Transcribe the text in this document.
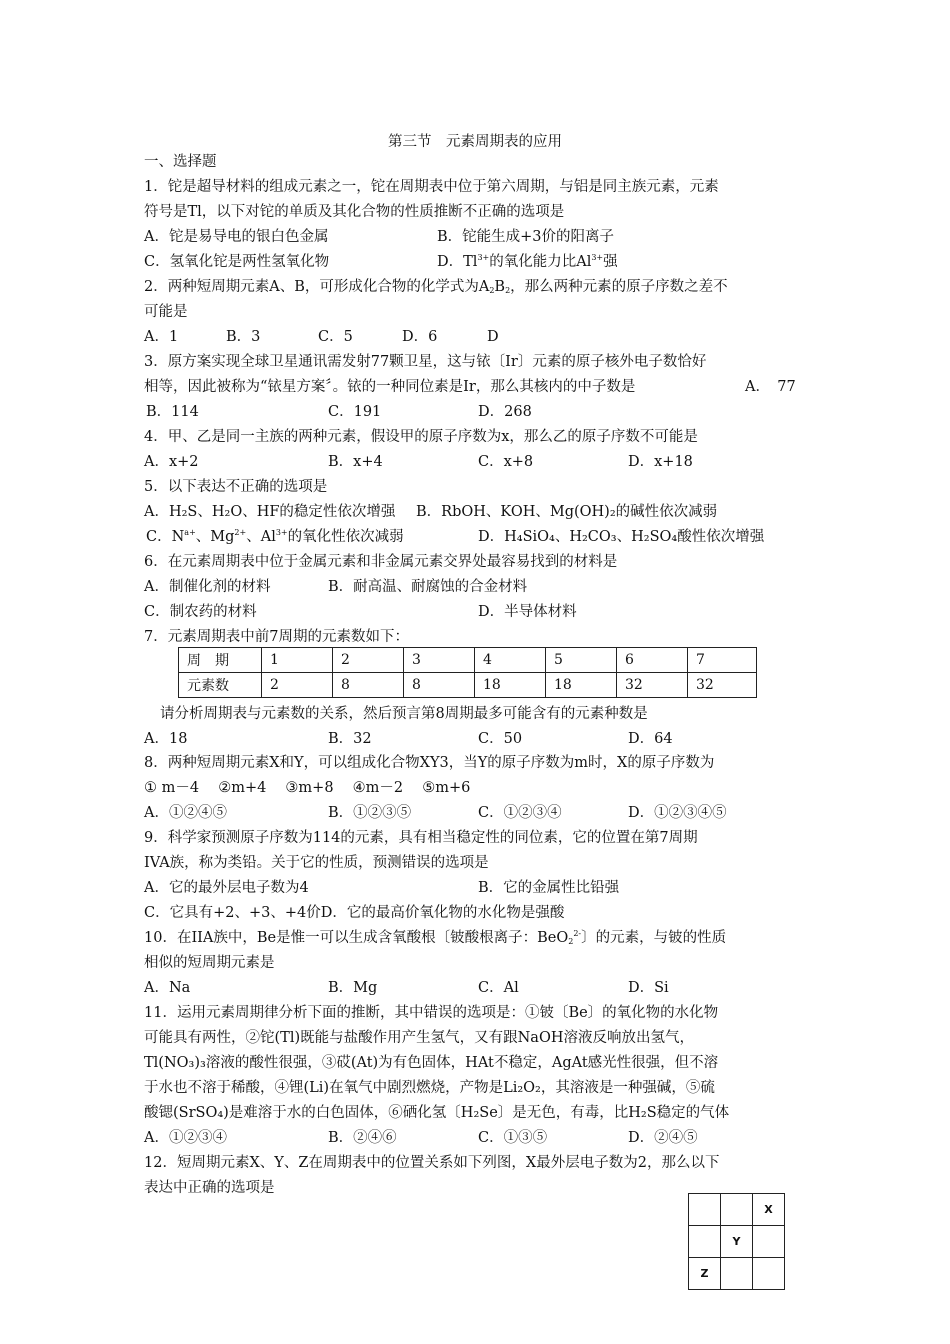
第三节　元素周期表的应用
一、选择题
1．铊是超导材料的组成元素之一，铊在周期表中位于第六周期，与铝是同主族元素，元素
符号是Tl，以下对铊的单质及其化合物的性质推断不正确的选项是
A．铊是易导电的银白色金属	B．铊能生成+3价的阳离子
C．氢氧化铊是两性氢氧化物	D．$Tl^{3+}$的氧化能力比$Al^{3+}$强
2．两种短周期元素A、B，可形成化合物的化学式为$A_2B_2$，那么两种元素的原子序数之差不
可能是
A．1	B．3	C．5	D．6	D
3．原方案实现全球卫星通讯需发射77颗卫星，这与铱〔Ir〕元素的原子核外电子数恰好
相等，因此被称为“铱星方案〞。铱的一种同位素是Ir，那么其核内的中子数是	A．　77
B．114	C．191	D．268
4．甲、乙是同一主族的两种元素，假设甲的原子序数为x，那么乙的原子序数不可能是
A．x+2	B．x+4	C．x+8	D．x+18
5．以下表达不正确的选项是
A．H₂S、H₂O、HF的稳定性依次增强 B．RbOH、KOH、Mg(OH)₂的碱性依次减弱
C．$N^{a+}$、$Mg^{2+}$、$Al^{3+}$的氧化性依次减弱	D．H₄SiO₄、H₂CO₃、H₂SO₄酸性依次增强
6．在元素周期表中位于金属元素和非金属元素交界处最容易找到的材料是
A．制催化剂的材料	B．耐高温、耐腐蚀的合金材料
C．制农药的材料	D．半导体材料
7．元素周期表中前7周期的元素数如下：
周　期	1	2	3	4	5	6	7
元素数	2	8	8	18	18	32	32
请分析周期表与元素数的关系，然后预言第8周期最多可能含有的元素种数是
A．18	B．32	C．50	D．64
8．两种短周期元素X和Y，可以组成化合物XY3，当Y的原子序数为m时，X的原子序数为
① m－4　 ②m+4　 ③m+8　 ④m－2　 ⑤m+6
A．①②④⑤	B．①②③⑤	C．①②③④	D．①②③④⑤
9．科学家预测原子序数为114的元素，具有相当稳定性的同位素，它的位置在第7周期
IVA族，称为类铅。关于它的性质，预测错误的选项是
A．它的最外层电子数为4	B．它的金属性比铅强
C．它具有+2、+3、+4价D．它的最高价氧化物的水化物是强酸
10．在IIA族中，Be是惟一可以生成含氧酸根〔铍酸根离子：BeO$_2^{2-}$〕的元素，与铍的性质
相似的短周期元素是
A．Na	B．Mg	C．Al	D．Si
11．运用元素周期律分析下面的推断，其中错误的选项是：①铍〔Be〕的氧化物的水化物
可能具有两性，②铊(Tl)既能与盐酸作用产生氢气，又有跟NaOH溶液反响放出氢气，
Tl(NO₃)₃溶液的酸性很强，③砹(At)为有色固体，HAt不稳定，AgAt感光性很强，但不溶
于水也不溶于稀酸，④锂(Li)在氧气中剧烈燃烧，产物是Li₂O₂，其溶液是一种强碱，⑤硫
酸锶(SrSO₄)是难溶于水的白色固体，⑥硒化氢〔H₂Se〕是无色，有毒，比H₂S稳定的气体
A．①②③④	B．②④⑥	C．①③⑤	D．②④⑤
12．短周期元素X、Y、Z在周期表中的位置关系如下列图，X最外层电子数为2，那么以下
表达中正确的选项是
		X
	Y	
Z		
